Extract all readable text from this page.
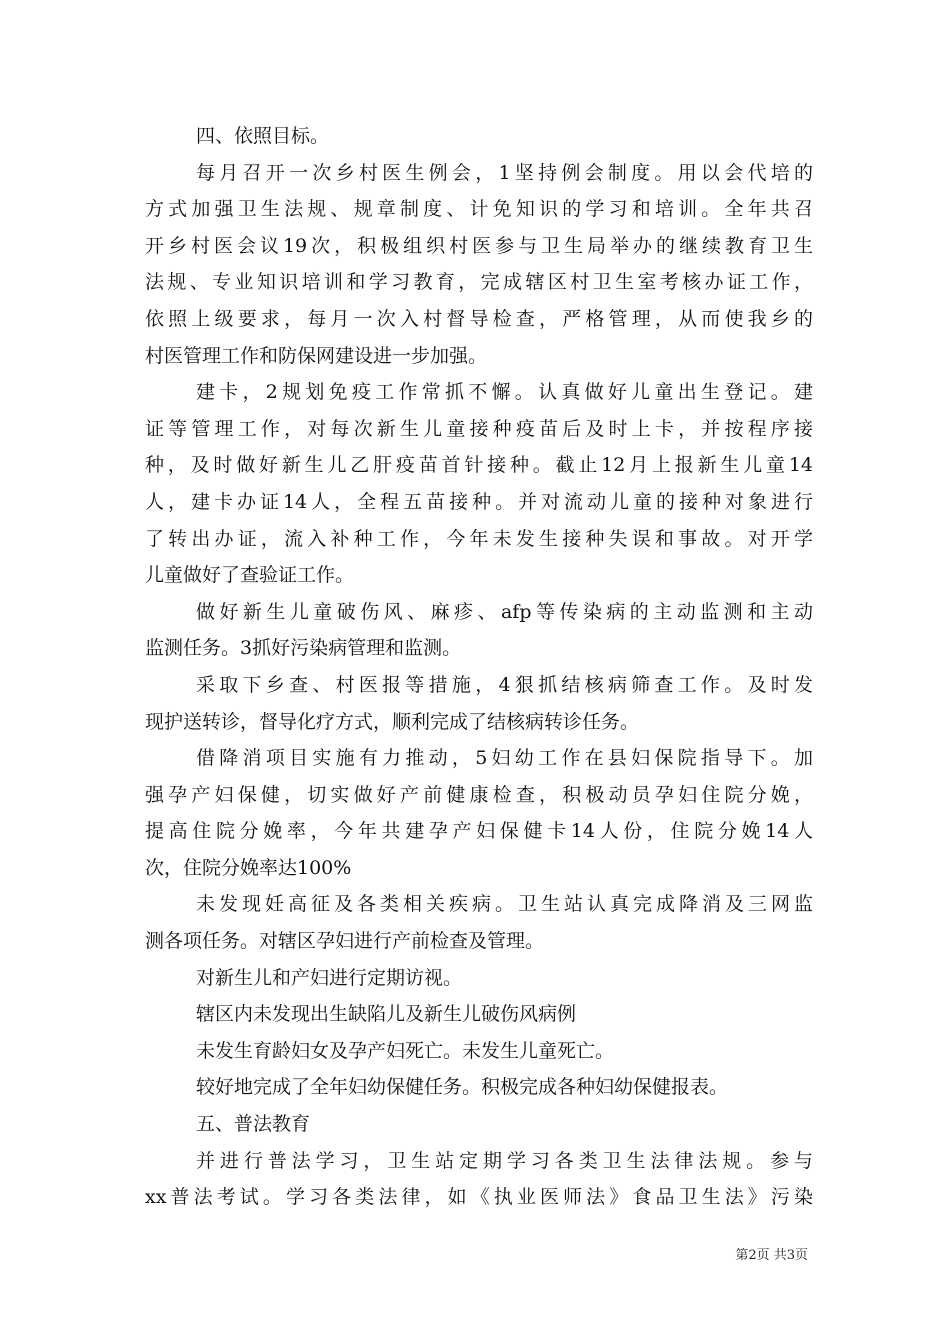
四、依照目标。
每月召开一次乡村医生例会，1坚持例会制度。用以会代培的
方式加强卫生法规、规章制度、计免知识的学习和培训。全年共召
开乡村医会议19次，积极组织村医参与卫生局举办的继续教育卫生
法规、专业知识培训和学习教育，完成辖区村卫生室考核办证工作，
依照上级要求，每月一次入村督导检查，严格管理，从而使我乡的
村医管理工作和防保网建设进一步加强。
建卡，2规划免疫工作常抓不懈。认真做好儿童出生登记。建
证等管理工作，对每次新生儿童接种疫苗后及时上卡，并按程序接
种，及时做好新生儿乙肝疫苗首针接种。截止12月上报新生儿童14
人，建卡办证14人，全程五苗接种。并对流动儿童的接种对象进行
了转出办证，流入补种工作，今年未发生接种失误和事故。对开学
儿童做好了查验证工作。
做好新生儿童破伤风、麻疹、afp等传染病的主动监测和主动
监测任务。3抓好污染病管理和监测。
采取下乡查、村医报等措施，4狠抓结核病筛查工作。及时发
现护送转诊，督导化疗方式，顺利完成了结核病转诊任务。
借降消项目实施有力推动，5妇幼工作在县妇保院指导下。加
强孕产妇保健，切实做好产前健康检查，积极动员孕妇住院分娩，
提高住院分娩率，今年共建孕产妇保健卡14人份，住院分娩14人
次，住院分娩率达100%
未发现妊高征及各类相关疾病。卫生站认真完成降消及三网监
测各项任务。对辖区孕妇进行产前检查及管理。
对新生儿和产妇进行定期访视。
辖区内未发现出生缺陷儿及新生儿破伤风病例
未发生育龄妇女及孕产妇死亡。未发生儿童死亡。
较好地完成了全年妇幼保健任务。积极完成各种妇幼保健报表。
五、普法教育
并进行普法学习，卫生站定期学习各类卫生法律法规。参与
xx普法考试。学习各类法律，如《执业医师法》食品卫生法》污染
第2页 共3页
